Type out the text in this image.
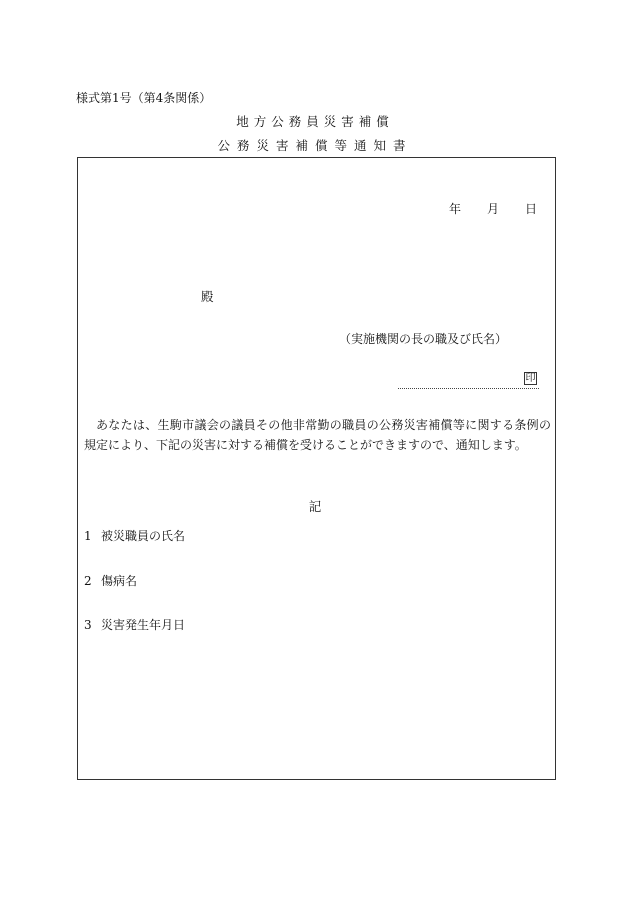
様式第1号（第4条関係）
地方公務員災害補償
公務災害補償等通知書
年 月 日
殿
（実施機関の長の職及び氏名）
印
あなたは、生駒市議会の議員その他非常勤の職員の公務災害補償等に関する条例の規定により、下記の災害に対する補償を受けることができますので、通知します。
記
1 被災職員の氏名
2 傷病名
3 災害発生年月日
